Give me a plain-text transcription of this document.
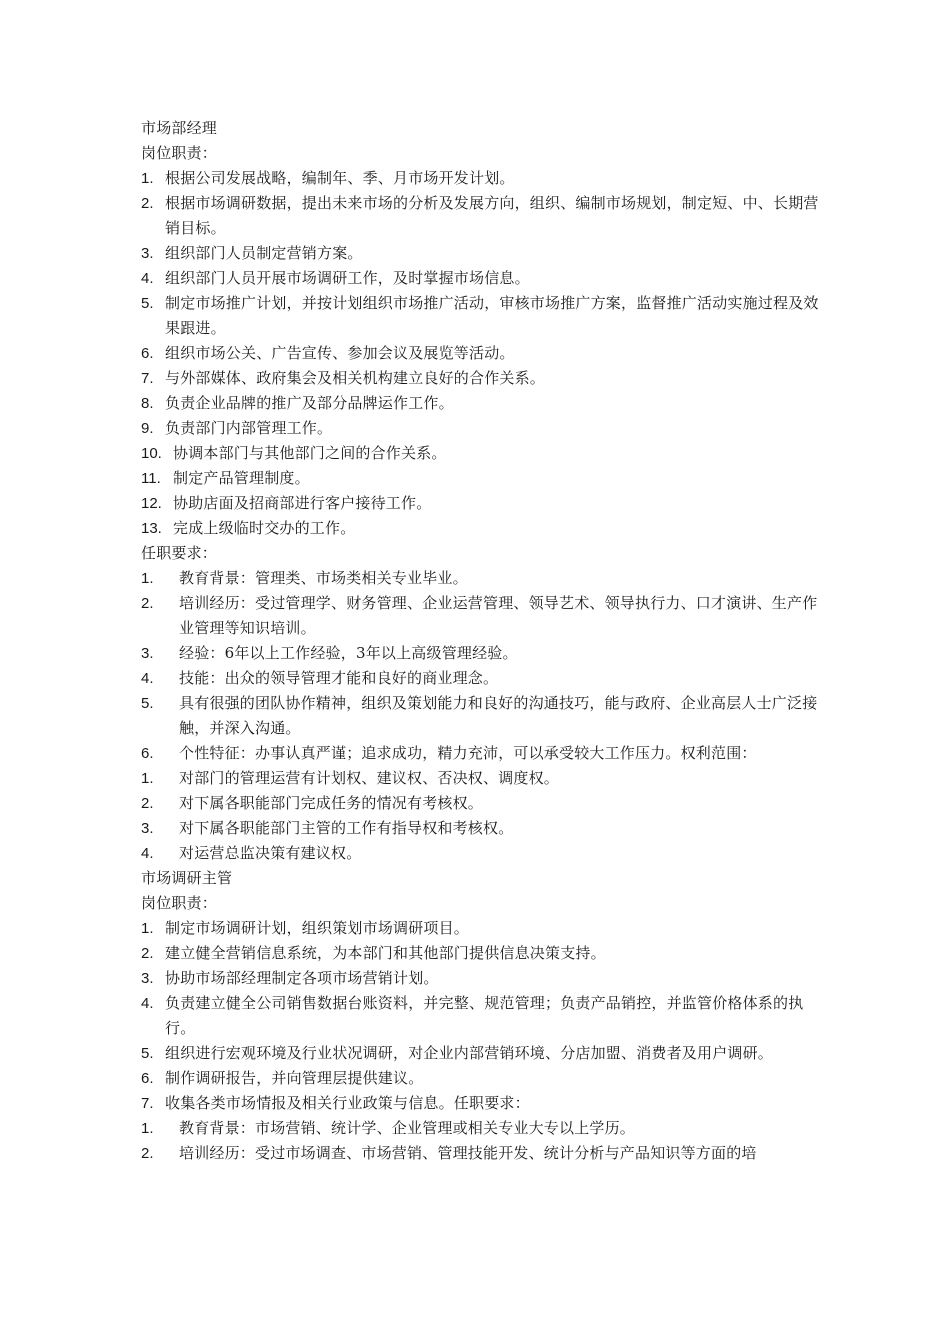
市场部经理
岗位职责：
1. 根据公司发展战略，编制年、季、月市场开发计划。
2. 根据市场调研数据，提出未来市场的分析及发展方向，组织、编制市场规划，制定短、中、长期营销目标。
3. 组织部门人员制定营销方案。
4. 组织部门人员开展市场调研工作，及时掌握市场信息。
5. 制定市场推广计划，并按计划组织市场推广活动，审核市场推广方案，监督推广活动实施过程及效果跟进。
6. 组织市场公关、广告宣传、参加会议及展览等活动。
7. 与外部媒体、政府集会及相关机构建立良好的合作关系。
8. 负责企业品牌的推广及部分品牌运作工作。
9. 负责部门内部管理工作。
10. 协调本部门与其他部门之间的合作关系。
11. 制定产品管理制度。
12. 协助店面及招商部进行客户接待工作。
13. 完成上级临时交办的工作。
任职要求：
1.	教育背景：管理类、市场类相关专业毕业。
2.	培训经历：受过管理学、财务管理、企业运营管理、领导艺术、领导执行力、口才演讲、生产作业管理等知识培训。
3.	经验：6年以上工作经验，3年以上高级管理经验。
4.	技能：出众的领导管理才能和良好的商业理念。
5.	具有很强的团队协作精神，组织及策划能力和良好的沟通技巧，能与政府、企业高层人士广泛接触，并深入沟通。
6.	个性特征：办事认真严谨；追求成功，精力充沛，可以承受较大工作压力。权利范围：
1.	对部门的管理运营有计划权、建议权、否决权、调度权。
2.	对下属各职能部门完成任务的情况有考核权。
3.	对下属各职能部门主管的工作有指导权和考核权。
4.	对运营总监决策有建议权。
市场调研主管
岗位职责：
1. 制定市场调研计划，组织策划市场调研项目。
2. 建立健全营销信息系统，为本部门和其他部门提供信息决策支持。
3. 协助市场部经理制定各项市场营销计划。
4. 负责建立健全公司销售数据台账资料，并完整、规范管理；负责产品销控，并监管价格体系的执行。
5. 组织进行宏观环境及行业状况调研，对企业内部营销环境、分店加盟、消费者及用户调研。
6. 制作调研报告，并向管理层提供建议。
7. 收集各类市场情报及相关行业政策与信息。任职要求：
1.	教育背景：市场营销、统计学、企业管理或相关专业大专以上学历。
2.	培训经历：受过市场调查、市场营销、管理技能开发、统计分析与产品知识等方面的培
